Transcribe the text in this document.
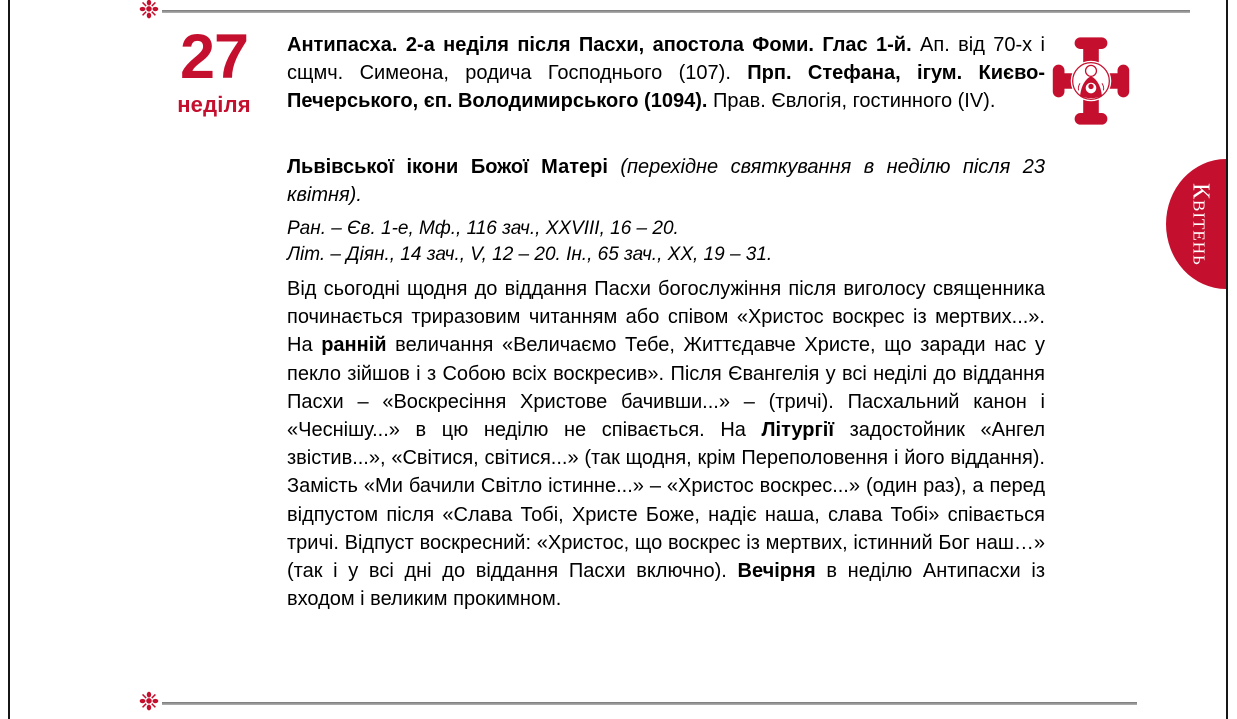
❉
27
неділя

Антипасха. 2-а неділя після Пасхи, апостола Фоми. Глас 1-й. Ап. від 70-х і сщмч. Симеона, родича Господнього (107). Прп. Стефана, ігум. Києво-Печерського, єп. Володимирського (1094). Прав. Євлогія, гостинного (IV).

Львівської ікони Божої Матері (перехідне святкування в неділю після 23 квітня).

Ран. – Єв. 1-е, Мф., 116 зач., XXVIII, 16 – 20.
Літ. – Діян., 14 зач., V, 12 – 20. Ін., 65 зач., XX, 19 – 31.

Від сьогодні щодня до віддання Пасхи богослужіння після виголосу священника починається триразовим читанням або співом «Христос воскрес із мертвих...». На ранній величання «Величаємо Тебе, Життєдавче Христе, що заради нас у пекло зійшов і з Собою всіх воскресив». Після Євангелія у всі неділі до віддання Пасхи – «Воскресіння Христове бачивши...» – (тричі). Пасхальний канон і «Чеснішу...» в цю неділю не співається. На Літургії задостойник «Ангел звістив...», «Світися, світися...» (так щодня, крім Переполовення і його віддання). Замість «Ми бачили Світло істинне...» – «Христос воскрес...» (один раз), а перед відпустом після «Слава Тобі, Христе Боже, надіє наша, слава Тобі» співається тричі. Відпуст воскресний: «Христос, що воскрес із мертвих, істинний Бог наш…» (так і у всі дні до віддання Пасхи включно). Вечірня в неділю Антипасхи із входом і великим прокимном.

Квітень
❉
